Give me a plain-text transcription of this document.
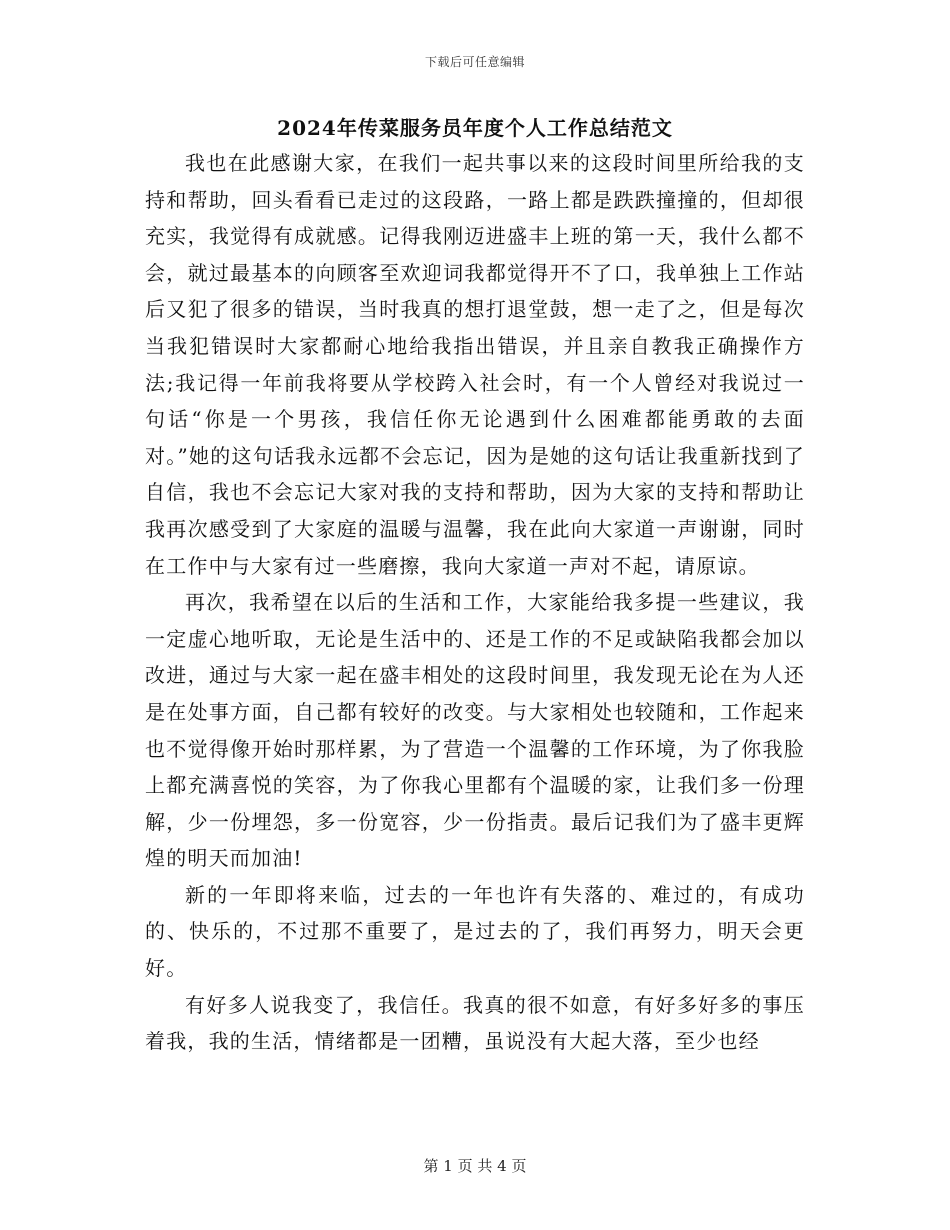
下载后可任意编辑
2024年传菜服务员年度个人工作总结范文

我也在此感谢大家，在我们一起共事以来的这段时间里所给我的支持和帮助，回头看看已走过的这段路，一路上都是跌跌撞撞的，但却很充实，我觉得有成就感。记得我刚迈进盛丰上班的第一天，我什么都不会，就过最基本的向顾客至欢迎词我都觉得开不了口，我单独上工作站后又犯了很多的错误，当时我真的想打退堂鼓，想一走了之，但是每次当我犯错误时大家都耐心地给我指出错误，并且亲自教我正确操作方法;我记得一年前我将要从学校跨入社会时，有一个人曾经对我说过一句话“你是一个男孩，我信任你无论遇到什么困难都能勇敢的去面对。”她的这句话我永远都不会忘记，因为是她的这句话让我重新找到了自信，我也不会忘记大家对我的支持和帮助，因为大家的支持和帮助让我再次感受到了大家庭的温暖与温馨，我在此向大家道一声谢谢，同时在工作中与大家有过一些磨擦，我向大家道一声对不起，请原谅。

再次，我希望在以后的生活和工作，大家能给我多提一些建议，我一定虚心地听取，无论是生活中的、还是工作的不足或缺陷我都会加以改进，通过与大家一起在盛丰相处的这段时间里，我发现无论在为人还是在处事方面，自己都有较好的改变。与大家相处也较随和，工作起来也不觉得像开始时那样累，为了营造一个温馨的工作环境，为了你我脸上都充满喜悦的笑容，为了你我心里都有个温暖的家，让我们多一份理解，少一份埋怨，多一份宽容，少一份指责。最后记我们为了盛丰更辉煌的明天而加油!

新的一年即将来临，过去的一年也许有失落的、难过的，有成功的、快乐的，不过那不重要了，是过去的了，我们再努力，明天会更好。

有好多人说我变了，我信任。我真的很不如意，有好多好多的事压着我，我的生活，情绪都是一团糟，虽说没有大起大落，至少也经

第 1 页 共 4 页
